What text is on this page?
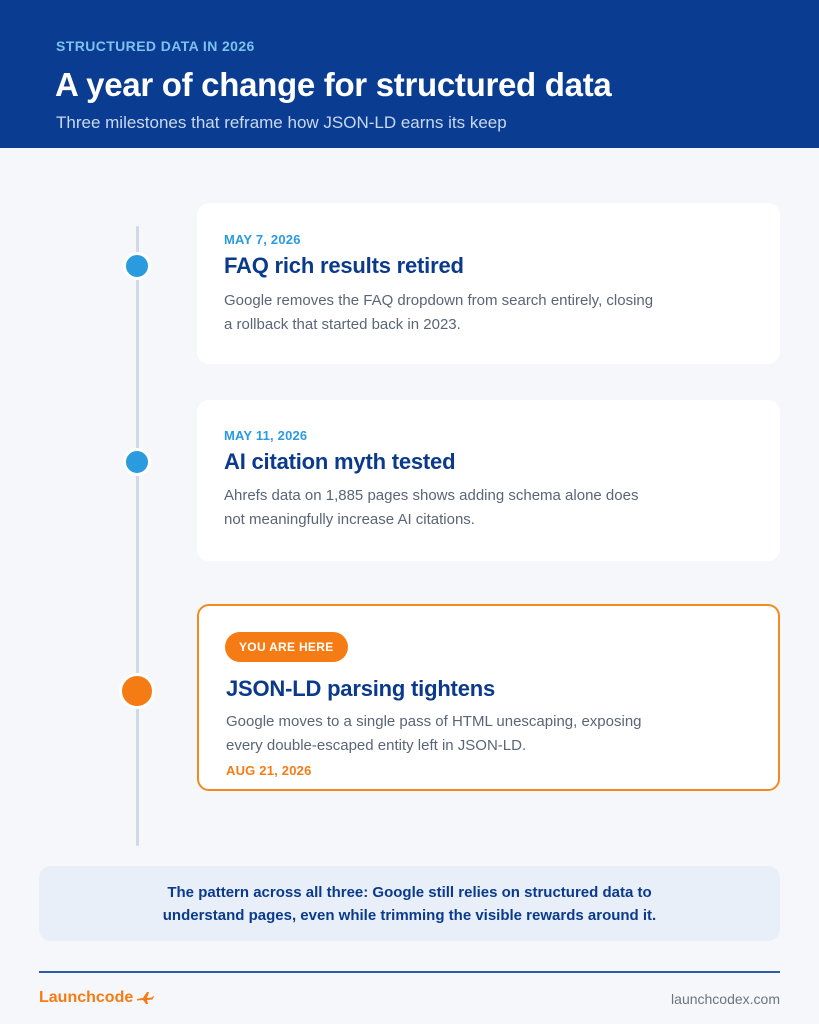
STRUCTURED DATA IN 2026
A year of change for structured data
Three milestones that reframe how JSON-LD earns its keep
MAY 7, 2026
FAQ rich results retired
Google removes the FAQ dropdown from search entirely, closing a rollback that started back in 2023.
MAY 11, 2026
AI citation myth tested
Ahrefs data on 1,885 pages shows adding schema alone does not meaningfully increase AI citations.
YOU ARE HERE
JSON-LD parsing tightens
Google moves to a single pass of HTML unescaping, exposing every double-escaped entity left in JSON-LD.
AUG 21, 2026
The pattern across all three: Google still relies on structured data to understand pages, even while trimming the visible rewards around it.
Launchcode	launchcodex.com
